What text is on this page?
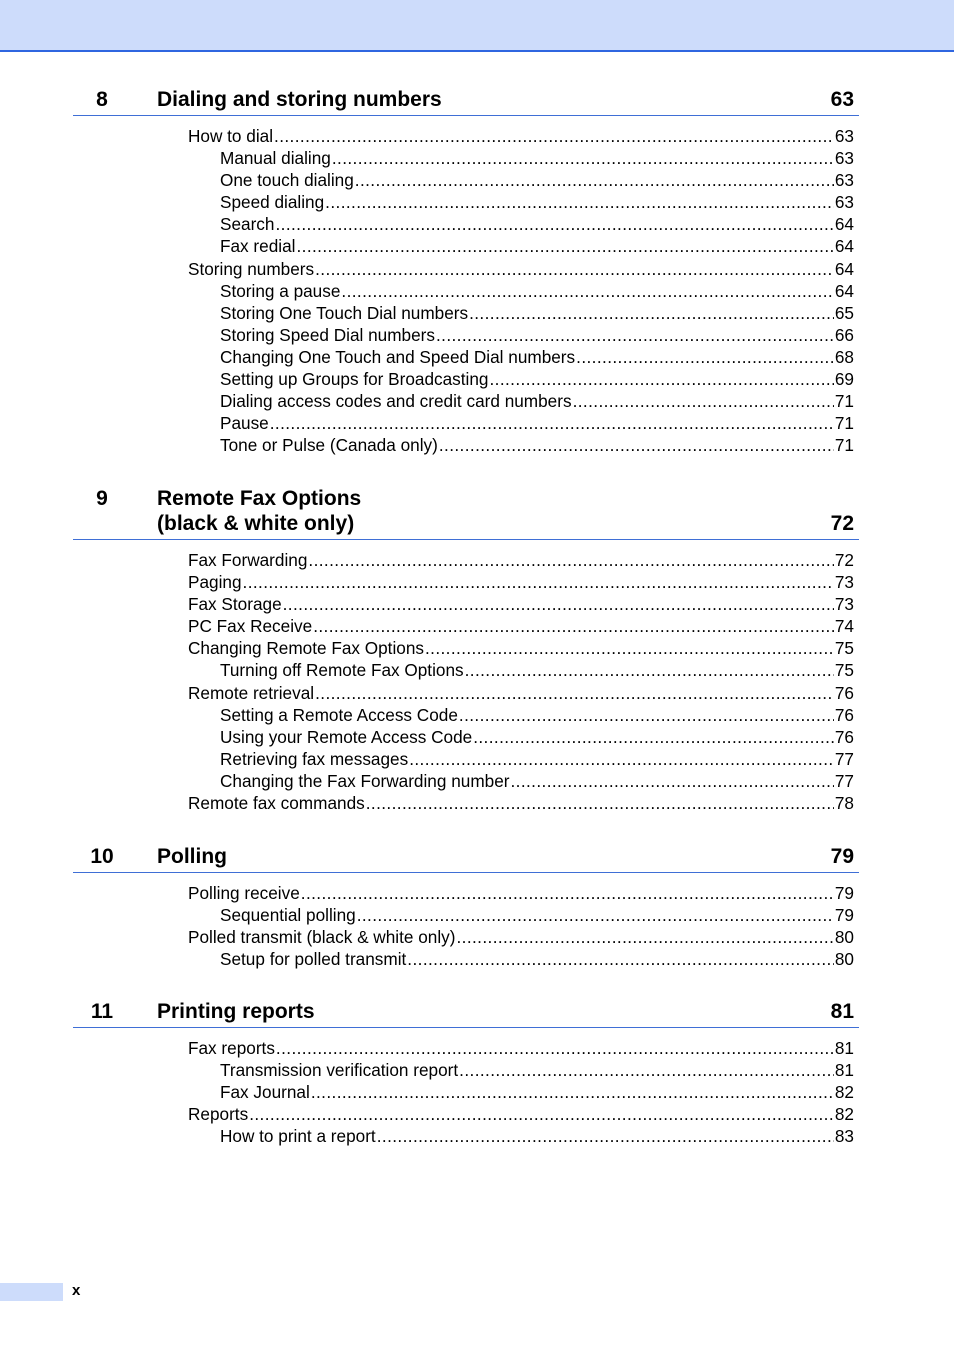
8	Dialing and storing numbers	63
How to dial .....	63
Manual dialing .....	63
One touch dialing .....	63
Speed dialing .....	63
Search .....	64
Fax redial .....	64
Storing numbers .....	64
Storing a pause .....	64
Storing One Touch Dial numbers .....	65
Storing Speed Dial numbers .....	66
Changing One Touch and Speed Dial numbers .....	68
Setting up Groups for Broadcasting .....	69
Dialing access codes and credit card numbers .....	71
Pause .....	71
Tone or Pulse (Canada only) .....	71
9	Remote Fax Options
(black & white only)	72
Fax Forwarding .....	72
Paging .....	73
Fax Storage .....	73
PC Fax Receive .....	74
Changing Remote Fax Options .....	75
Turning off Remote Fax Options .....	75
Remote retrieval .....	76
Setting a Remote Access Code .....	76
Using your Remote Access Code .....	76
Retrieving fax messages .....	77
Changing the Fax Forwarding number .....	77
Remote fax commands .....	78
10	Polling	79
Polling receive .....	79
Sequential polling .....	79
Polled transmit (black & white only) .....	80
Setup for polled transmit .....	80
11	Printing reports	81
Fax reports .....	81
Transmission verification report .....	81
Fax Journal .....	82
Reports .....	82
How to print a report .....	83
x
